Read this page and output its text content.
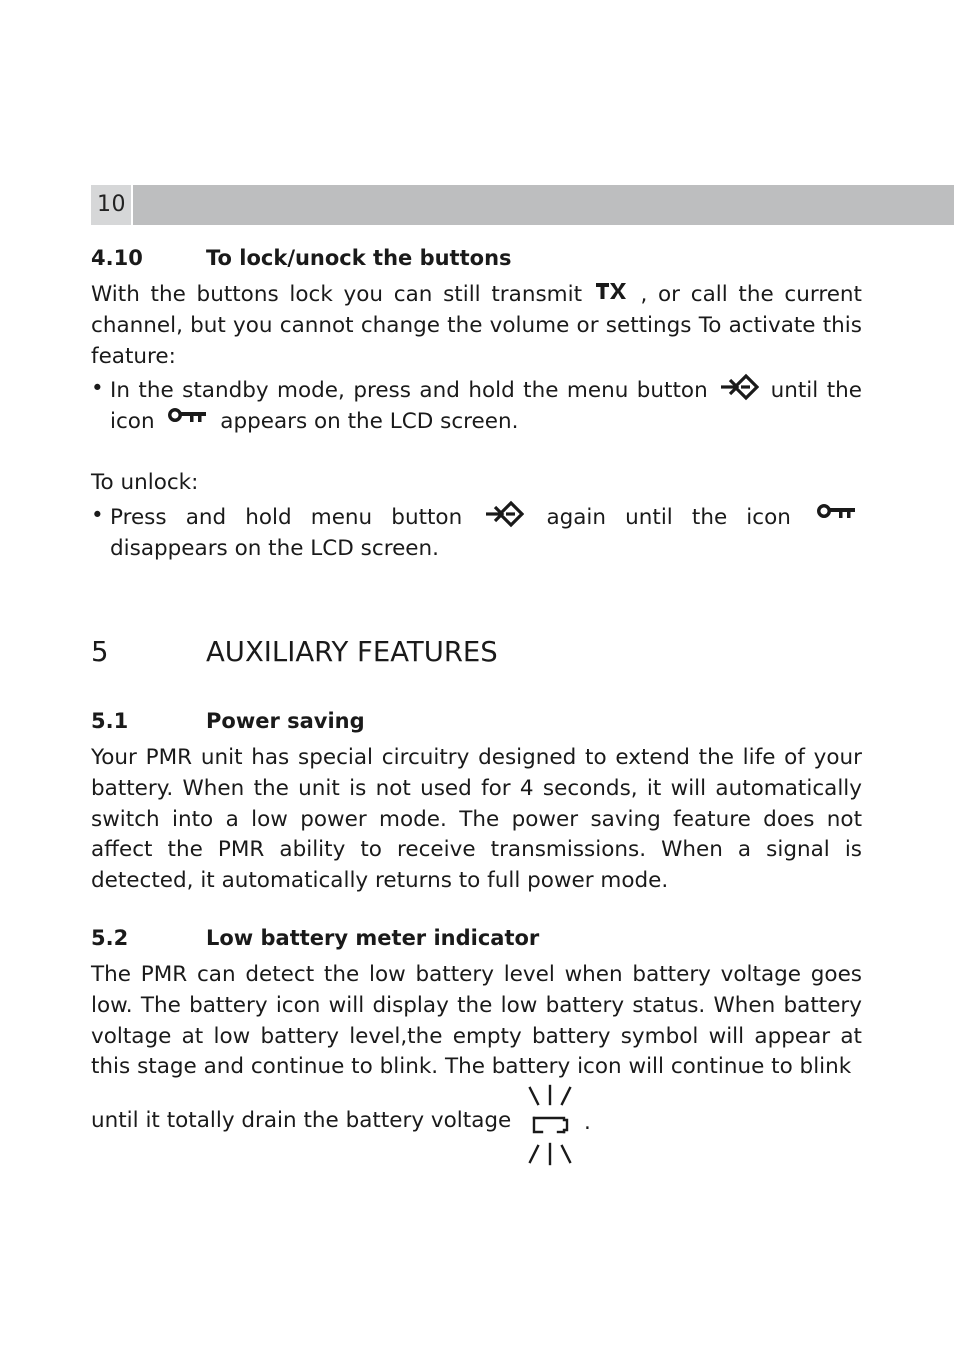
10
4.10	To lock/unock the buttons
With the buttons lock you can still transmit	, or call the current channel, but you cannot change the volume or settings To activate this feature:
• In the standby mode, press and hold the menu button	until the icon	appears on the LCD screen.
To unlock:
• Press and hold menu button	again until the icon  disappears on the LCD screen.
5	AUXILIARY FEATURES
5.1	Power saving
Your PMR unit has special circuitry designed to extend the life of your battery. When the unit is not used for 4 seconds, it will automatically switch into a low power mode. The power saving feature does not affect the PMR ability to receive transmissions. When a signal is detected, it automatically returns to full power mode.
5.2	Low battery meter indicator
The PMR can detect the low battery level when battery voltage goes low. The battery icon will display the low battery status. When battery voltage at low battery level,the empty battery symbol will appear at this stage and continue to blink. The battery icon will continue to blink
until it totally drain the battery voltage	.
